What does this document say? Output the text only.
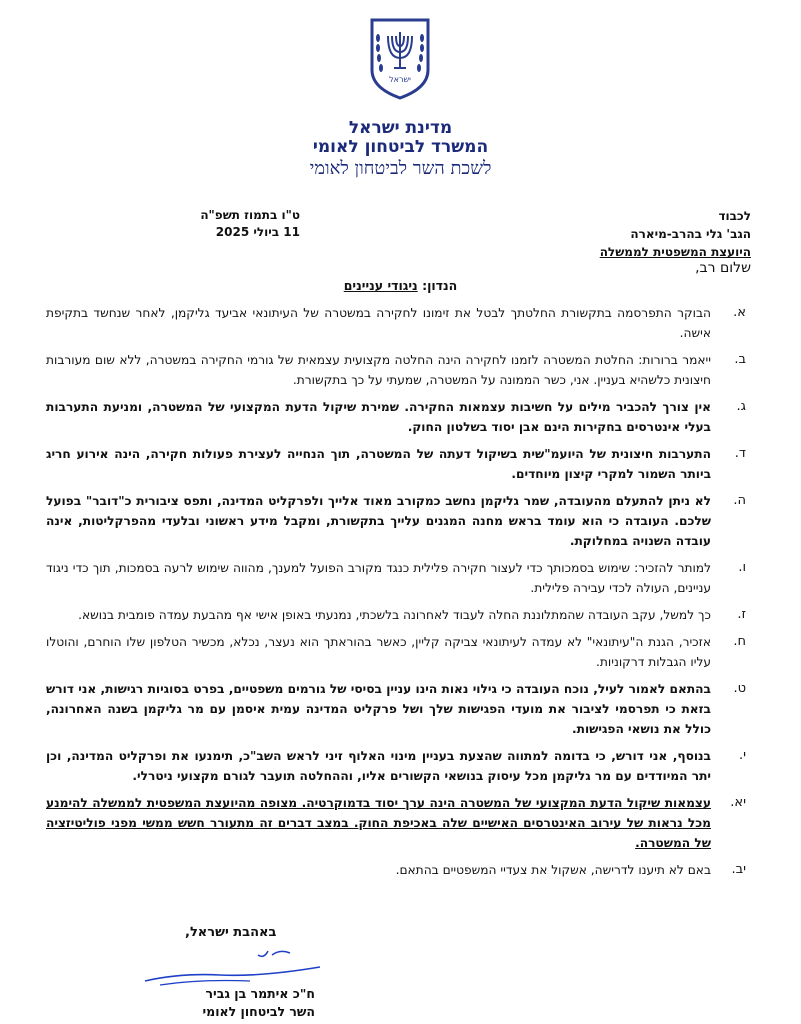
ישראל
מדינת ישראל
המשרד לביטחון לאומי
לשכת השר לביטחון לאומי
ט"ו בתמוז תשפ"ה
11 ביולי 2025
לכבוד
הגב' גלי בהרב-מיארה
היועצת המשפטית לממשלה
שלום רב,
הנדון: ניגודי עניינים
א.
הבוקר התפרסמה בתקשורת החלטתך לבטל את זימונו לחקירה במשטרה של העיתונאי אביעד גליקמן, לאחר שנחשד בתקיפת אישה.
ב.
ייאמר ברורות: החלטת המשטרה לזמנו לחקירה הינה החלטה מקצועית עצמאית של גורמי החקירה במשטרה, ללא שום מעורבות חיצונית כלשהיא בעניין. אני, כשר הממונה על המשטרה, שמעתי על כך בתקשורת.
ג.
אין צורך להכביר מילים על חשיבות עצמאות החקירה. שמירת שיקול הדעת המקצועי של המשטרה, ומניעת התערבות בעלי אינטרסים בחקירות הינם אבן יסוד בשלטון החוק.
ד.
התערבות חיצונית של היועמ"שית בשיקול דעתה של המשטרה, תוך הנחייה לעצירת פעולות חקירה, הינה אירוע חריג ביותר השמור למקרי קיצון מיוחדים.
ה.
לא ניתן להתעלם מהעובדה, שמר גליקמן נחשב כמקורב מאוד אלייך ולפרקליט המדינה, ותפס ציבורית כ"דובר" בפועל שלכם. העובדה כי הוא עומד בראש מחנה המגנים עלייך בתקשורת, ומקבל מידע ראשוני ובלעדי מהפרקליטות, אינה עובדה השנויה במחלוקת.
ו.
למותר להזכיר: שימוש בסמכותך כדי לעצור חקירה פלילית כנגד מקורב הפועל למענך, מהווה שימוש לרעה בסמכות, תוך כדי ניגוד עניינים, העולה לכדי עבירה פלילית.
ז.
כך למשל, עקב העובדה שהמתלוננת החלה לעבוד לאחרונה בלשכתי, נמנעתי באופן אישי אף מהבעת עמדה פומבית בנושא.
ח.
אזכיר, הגנת ה"עיתונאי" לא עמדה לעיתונאי צביקה קליין, כאשר בהוראתך הוא נעצר, נכלא, מכשיר הטלפון שלו הוחרם, והוטלו עליו הגבלות דרקוניות.
ט.
בהתאם לאמור לעיל, נוכח העובדה כי גילוי נאות הינו עניין בסיסי של גורמים משפטיים, בפרט בסוגיות רגישות, אני דורש בזאת כי תפרסמי לציבור את מועדי הפגישות שלך ושל פרקליט המדינה עמית איסמן עם מר גליקמן בשנה האחרונה, כולל את נושאי הפגישות.
י.
בנוסף, אני דורש, כי בדומה למתווה שהצעת בעניין מינוי האלוף זיני לראש השב"כ, תימנעו את ופרקליט המדינה, וכן יתר המיודדים עם מר גליקמן מכל עיסוק בנושאי הקשורים אליו, וההחלטה תועבר לגורם מקצועי ניטרלי.
יא.
עצמאות שיקול הדעת המקצועי של המשטרה הינה ערך יסוד בדמוקרטיה. מצופה מהיועצת המשפטית לממשלה להימנע מכל נראות של עירוב האינטרסים האישיים שלה באכיפת החוק. במצב דברים זה מתעורר חשש ממשי מפני פוליטיזציה של המשטרה.
יב.
באם לא תיענו לדרישה, אשקול את צעדיי המשפטיים בהתאם.
באהבת ישראל,
ח"כ איתמר בן גביר
השר לביטחון לאומי
